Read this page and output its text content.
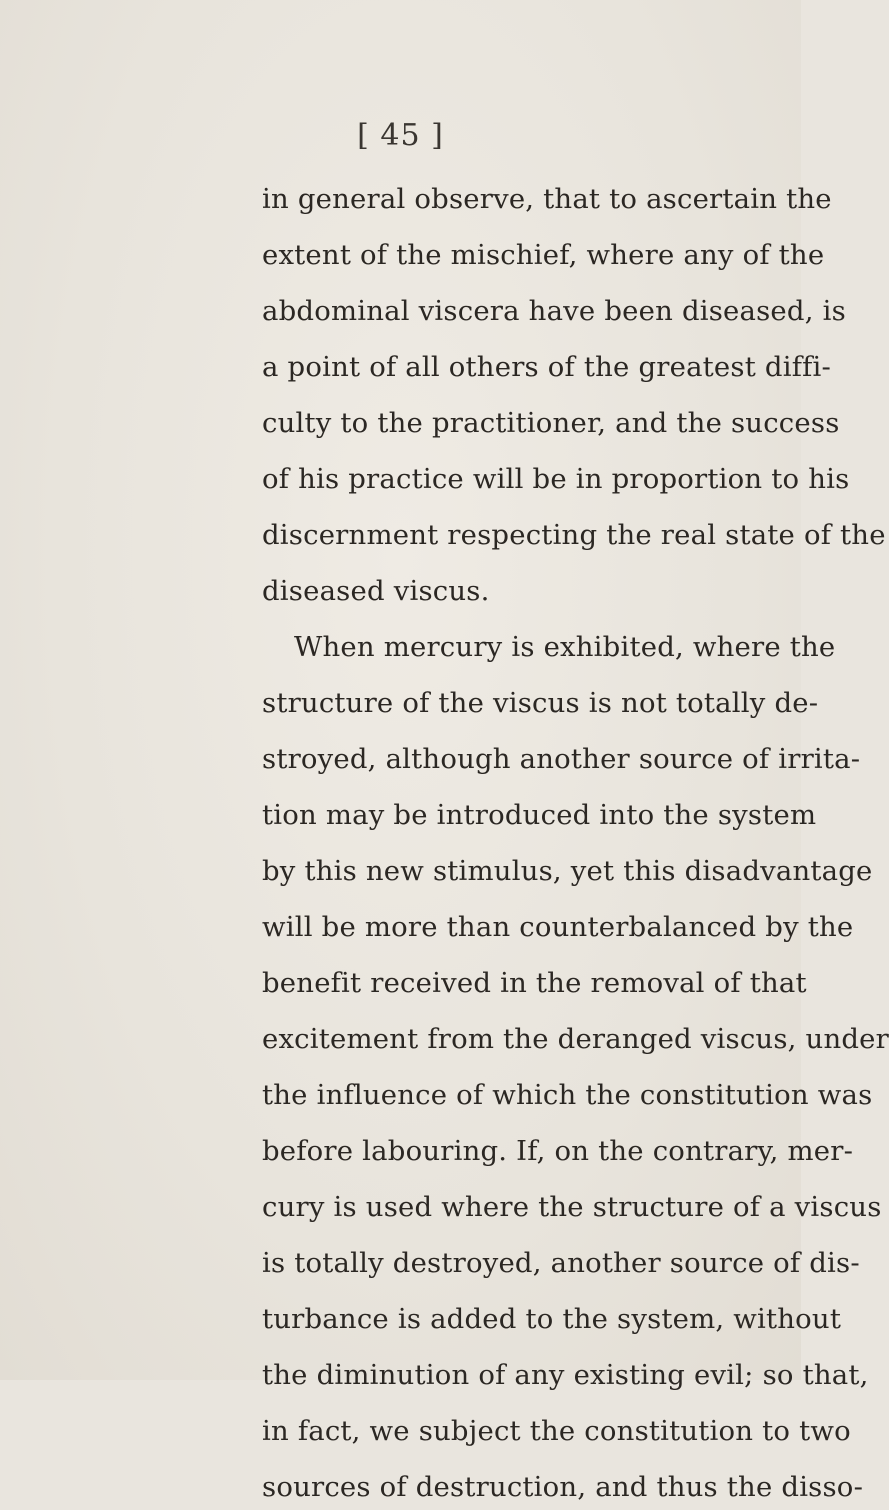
[ 45 ]
in general observe, that to ascertain the
extent of the mischief, where any of the
abdominal viscera have been diseased, is
a point of all others of the greatest diffi-
culty to the practitioner, and the success
of his practice will be in proportion to his
discernment respecting the real state of the
diseased viscus.
When mercury is exhibited, where the
structure of the viscus is not totally de-
stroyed, although another source of irrita-
tion may be introduced into the system
by this new stimulus, yet this disadvantage
will be more than counterbalanced by the
benefit received in the removal of that
excitement from the deranged viscus, under
the influence of which the constitution was
before labouring. If, on the contrary, mer-
cury is used where the structure of a viscus
is totally destroyed, another source of dis-
turbance is added to the system, without
the diminution of any existing evil; so that,
in fact, we subject the constitution to two
sources of destruction, and thus the disso-
